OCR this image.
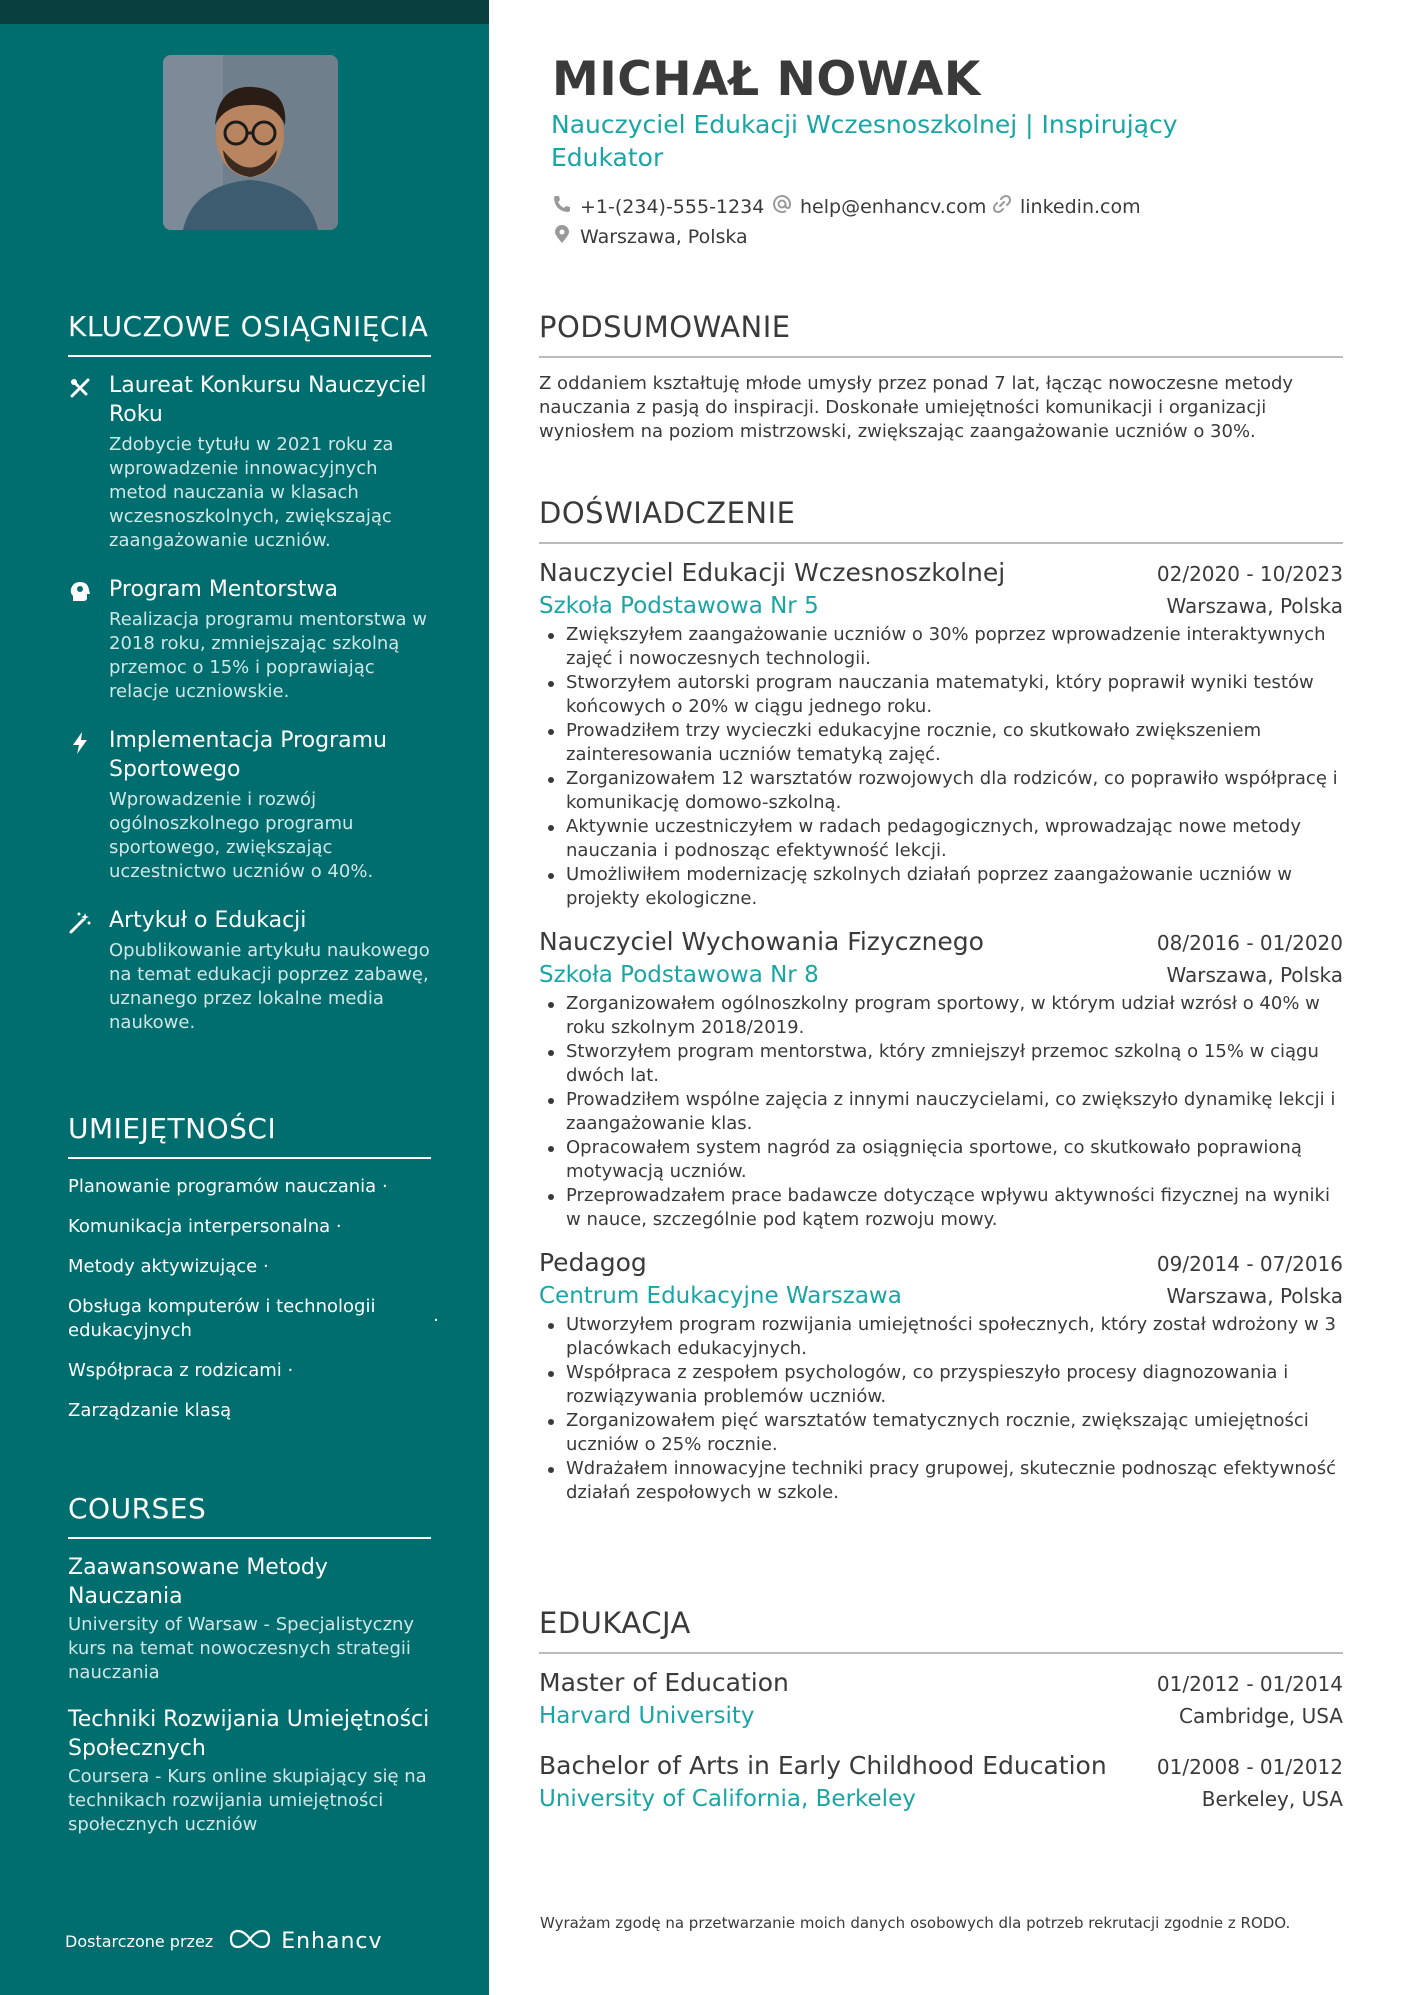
KLUCZOWE OSIĄGNIĘCIA
Laureat Konkursu Nauczyciel Roku
Zdobycie tytułu w 2021 roku za wprowadzenie innowacyjnych metod nauczania w klasach wczesnoszkolnych, zwiększając zaangażowanie uczniów.
Program Mentorstwa
Realizacja programu mentorstwa w 2018 roku, zmniejszając szkolną przemoc o 15% i poprawiając relacje uczniowskie.
Implementacja Programu Sportowego
Wprowadzenie i rozwój ogólnoszkolnego programu sportowego, zwiększając uczestnictwo uczniów o 40%.
Artykuł o Edukacji
Opublikowanie artykułu naukowego na temat edukacji poprzez zabawę, uznanego przez lokalne media naukowe.
UMIEJĘTNOŚCI
Planowanie programów nauczania ·
Komunikacja interpersonalna ·
Metody aktywizujące ·
Obsługa komputerów i technologii edukacyjnych	·
Współpraca z rodzicami ·
Zarządzanie klasą
COURSES
Zaawansowane Metody Nauczania
University of Warsaw - Specjalistyczny kurs na temat nowoczesnych strategii nauczania
Techniki Rozwijania Umiejętności Społecznych
Coursera - Kurs online skupiający się na technikach rozwijania umiejętności społecznych uczniów
Dostarczone przez	Enhancv
MICHAŁ NOWAK
Nauczyciel Edukacji Wczesnoszkolnej | Inspirujący Edukator
+1-(234)-555-1234 help@enhancv.com linkedin.com
Warszawa, Polska
PODSUMOWANIE
Z oddaniem kształtuję młode umysły przez ponad 7 lat, łącząc nowoczesne metody nauczania z pasją do inspiracji. Doskonałe umiejętności komunikacji i organizacji wyniosłem na poziom mistrzowski, zwiększając zaangażowanie uczniów o 30%.
DOŚWIADCZENIE
Nauczyciel Edukacji Wczesnoszkolnej	02/2020 - 10/2023
Szkoła Podstawowa Nr 5	Warszawa, Polska
Zwiększyłem zaangażowanie uczniów o 30% poprzez wprowadzenie interaktywnych zajęć i nowoczesnych technologii.
Stworzyłem autorski program nauczania matematyki, który poprawił wyniki testów końcowych o 20% w ciągu jednego roku.
Prowadziłem trzy wycieczki edukacyjne rocznie, co skutkowało zwiększeniem zainteresowania uczniów tematyką zajęć.
Zorganizowałem 12 warsztatów rozwojowych dla rodziców, co poprawiło współpracę i komunikację domowo-szkolną.
Aktywnie uczestniczyłem w radach pedagogicznych, wprowadzając nowe metody nauczania i podnosząc efektywność lekcji.
Umożliwiłem modernizację szkolnych działań poprzez zaangażowanie uczniów w projekty ekologiczne.
Nauczyciel Wychowania Fizycznego	08/2016 - 01/2020
Szkoła Podstawowa Nr 8	Warszawa, Polska
Zorganizowałem ogólnoszkolny program sportowy, w którym udział wzrósł o 40% w roku szkolnym 2018/2019.
Stworzyłem program mentorstwa, który zmniejszył przemoc szkolną o 15% w ciągu dwóch lat.
Prowadziłem wspólne zajęcia z innymi nauczycielami, co zwiększyło dynamikę lekcji i zaangażowanie klas.
Opracowałem system nagród za osiągnięcia sportowe, co skutkowało poprawioną motywacją uczniów.
Przeprowadzałem prace badawcze dotyczące wpływu aktywności fizycznej na wyniki w nauce, szczególnie pod kątem rozwoju mowy.
Pedagog	09/2014 - 07/2016
Centrum Edukacyjne Warszawa	Warszawa, Polska
Utworzyłem program rozwijania umiejętności społecznych, który został wdrożony w 3 placówkach edukacyjnych.
Współpraca z zespołem psychologów, co przyspieszyło procesy diagnozowania i rozwiązywania problemów uczniów.
Zorganizowałem pięć warsztatów tematycznych rocznie, zwiększając umiejętności uczniów o 25% rocznie.
Wdrażałem innowacyjne techniki pracy grupowej, skutecznie podnosząc efektywność działań zespołowych w szkole.
EDUKACJA
Master of Education	01/2012 - 01/2014
Harvard University	Cambridge, USA
Bachelor of Arts in Early Childhood Education	01/2008 - 01/2012
University of California, Berkeley	Berkeley, USA
Wyrażam zgodę na przetwarzanie moich danych osobowych dla potrzeb rekrutacji zgodnie z RODO.
